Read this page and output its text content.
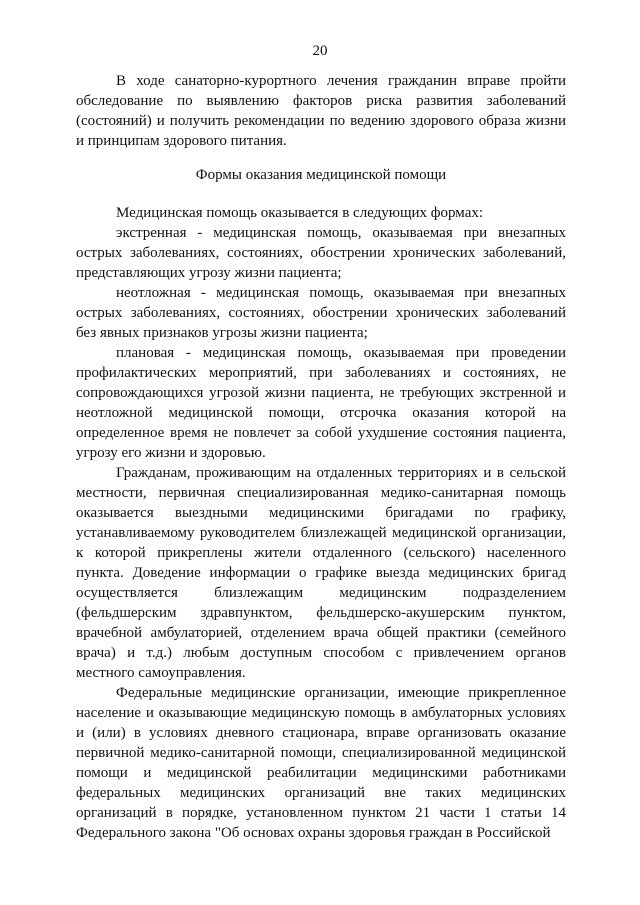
20

В ходе санаторно-курортного лечения гражданин вправе пройти обследование по выявлению факторов риска развития заболеваний (состояний) и получить рекомендации по ведению здорового образа жизни и принципам здорового питания.

Формы оказания медицинской помощи

Медицинская помощь оказывается в следующих формах:

экстренная - медицинская помощь, оказываемая при внезапных острых заболеваниях, состояниях, обострении хронических заболеваний, представляющих угрозу жизни пациента;

неотложная - медицинская помощь, оказываемая при внезапных острых заболеваниях, состояниях, обострении хронических заболеваний без явных признаков угрозы жизни пациента;

плановая - медицинская помощь, оказываемая при проведении профилактических мероприятий, при заболеваниях и состояниях, не сопровождающихся угрозой жизни пациента, не требующих экстренной и неотложной медицинской помощи, отсрочка оказания которой на определенное время не повлечет за собой ухудшение состояния пациента, угрозу его жизни и здоровью.

Гражданам, проживающим на отдаленных территориях и в сельской местности, первичная специализированная медико-санитарная помощь оказывается выездными медицинскими бригадами по графику, устанавливаемому руководителем близлежащей медицинской организации, к которой прикреплены жители отдаленного (сельского) населенного пункта. Доведение информации о графике выезда медицинских бригад осуществляется близлежащим медицинским подразделением (фельдшерским здравпунктом, фельдшерско-акушерским пунктом, врачебной амбулаторией, отделением врача общей практики (семейного врача) и т.д.) любым доступным способом с привлечением органов местного самоуправления.

Федеральные медицинские организации, имеющие прикрепленное население и оказывающие медицинскую помощь в амбулаторных условиях и (или) в условиях дневного стационара, вправе организовать оказание первичной медико-санитарной помощи, специализированной медицинской помощи и медицинской реабилитации медицинскими работниками федеральных медицинских организаций вне таких медицинских организаций в порядке, установленном пунктом 21 части 1 статьи 14 Федерального закона "Об основах охраны здоровья граждан в Российской
